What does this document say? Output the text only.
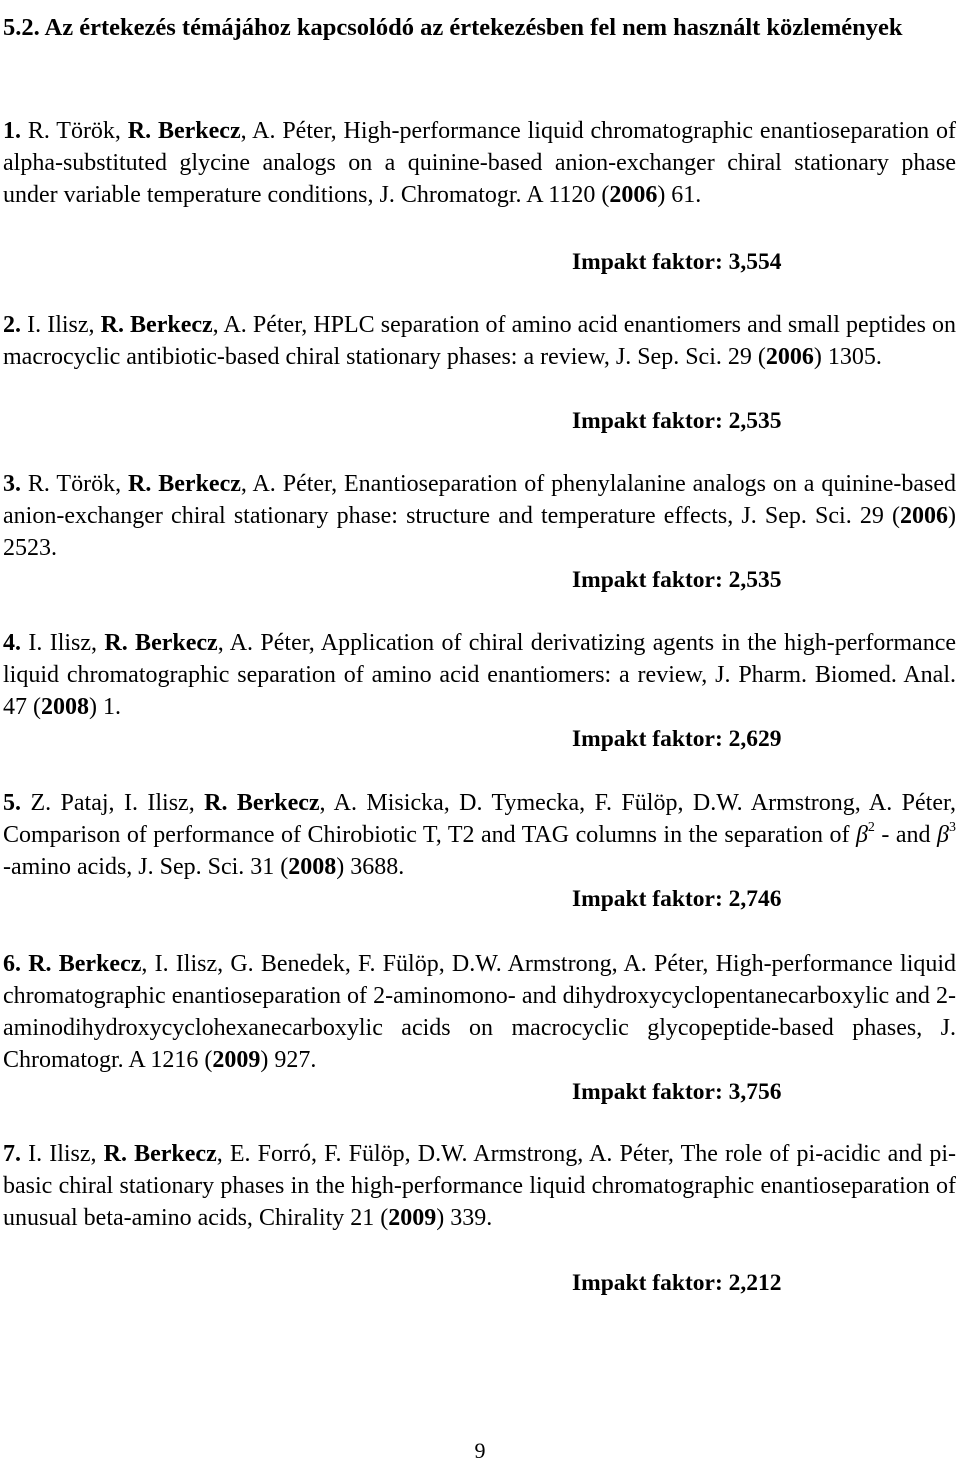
5.2. Az értekezés témájához kapcsolódó az értekezésben fel nem használt közlemények
1. R. Török, R. Berkecz, A. Péter, High-performance liquid chromatographic enantioseparation of alpha-substituted glycine analogs on a quinine-based anion-exchanger chiral stationary phase under variable temperature conditions, J. Chromatogr. A 1120 (2006) 61.
Impakt faktor: 3,554
2. I. Ilisz, R. Berkecz, A. Péter, HPLC separation of amino acid enantiomers and small peptides on macrocyclic antibiotic-based chiral stationary phases: a review, J. Sep. Sci. 29 (2006) 1305.
Impakt faktor: 2,535
3. R. Török, R. Berkecz, A. Péter, Enantioseparation of phenylalanine analogs on a quinine-based anion-exchanger chiral stationary phase: structure and temperature effects, J. Sep. Sci. 29 (2006) 2523.
Impakt faktor: 2,535
4. I. Ilisz, R. Berkecz, A. Péter, Application of chiral derivatizing agents in the high-performance liquid chromatographic separation of amino acid enantiomers: a review, J. Pharm. Biomed. Anal. 47 (2008) 1.
Impakt faktor: 2,629
5. Z. Pataj, I. Ilisz, R. Berkecz, A. Misicka, D. Tymecka, F. Fülöp, D.W. Armstrong, A. Péter, Comparison of performance of Chirobiotic T, T2 and TAG columns in the separation of $\beta^2$ - and $\beta^3$ -amino acids, J. Sep. Sci. 31 (2008) 3688.
Impakt faktor: 2,746
6. R. Berkecz, I. Ilisz, G. Benedek, F. Fülöp, D.W. Armstrong, A. Péter, High-performance liquid chromatographic enantioseparation of 2-aminomono- and dihydroxycyclopentanecarboxylic and 2-aminodihydroxycyclohexanecarboxylic acids on macrocyclic glycopeptide-based phases, J. Chromatogr. A 1216 (2009) 927.
Impakt faktor: 3,756
7. I. Ilisz, R. Berkecz, E. Forró, F. Fülöp, D.W. Armstrong, A. Péter, The role of pi-acidic and pi-basic chiral stationary phases in the high-performance liquid chromatographic enantioseparation of unusual beta-amino acids, Chirality 21 (2009) 339.
Impakt faktor: 2,212
9
